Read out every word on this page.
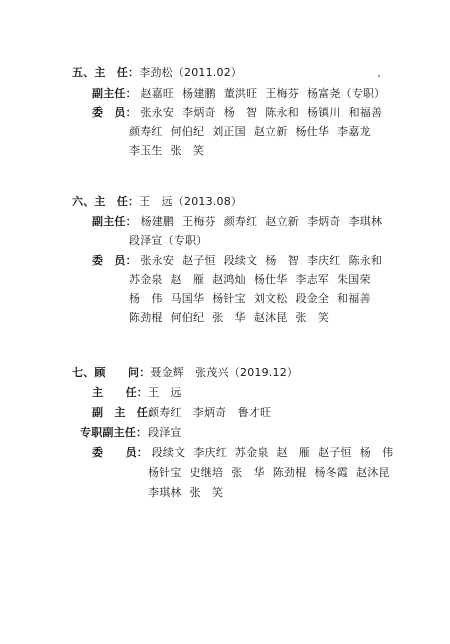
五、主　任：李劲松（2011.02）
副主任： 赵嘉旺 杨建鹏 董洪旺 王梅芬 杨富尧（专职）
委　员： 张永安 李炳奇 杨　智 陈永和 杨镇川 和福善
颜寿红 何伯纪 刘正国 赵立新 杨仕华 李嘉龙
李玉生 张　笑
六、主　任：王　远（2013.08）
副主任： 杨建鹏 王梅芬 颜寿红 赵立新 李炳奇 李琪林
段泽宣（专职）
委　员： 张永安 赵子恒 段续文 杨　智 李庆红 陈永和
苏金泉 赵　雁 赵鸿灿 杨仕华 李志军 朱国荣
杨　伟 马国华 杨针宝 刘文松 段金全 和福善
陈劲棍 何伯纪 张　华 赵沐昆 张　笑
七、顾　　问：聂金辉　张茂兴（2019.12）
主　　任：王　远
副　主　任：颜寿红　李炳奇　鲁才旺
专职副主任：段泽宣
委　　员： 段续文 李庆红 苏金泉 赵　雁 赵子恒 杨　伟
杨针宝 史继培 张　华 陈劲棍 杨冬霞 赵沐昆
李琪林 张　笑
